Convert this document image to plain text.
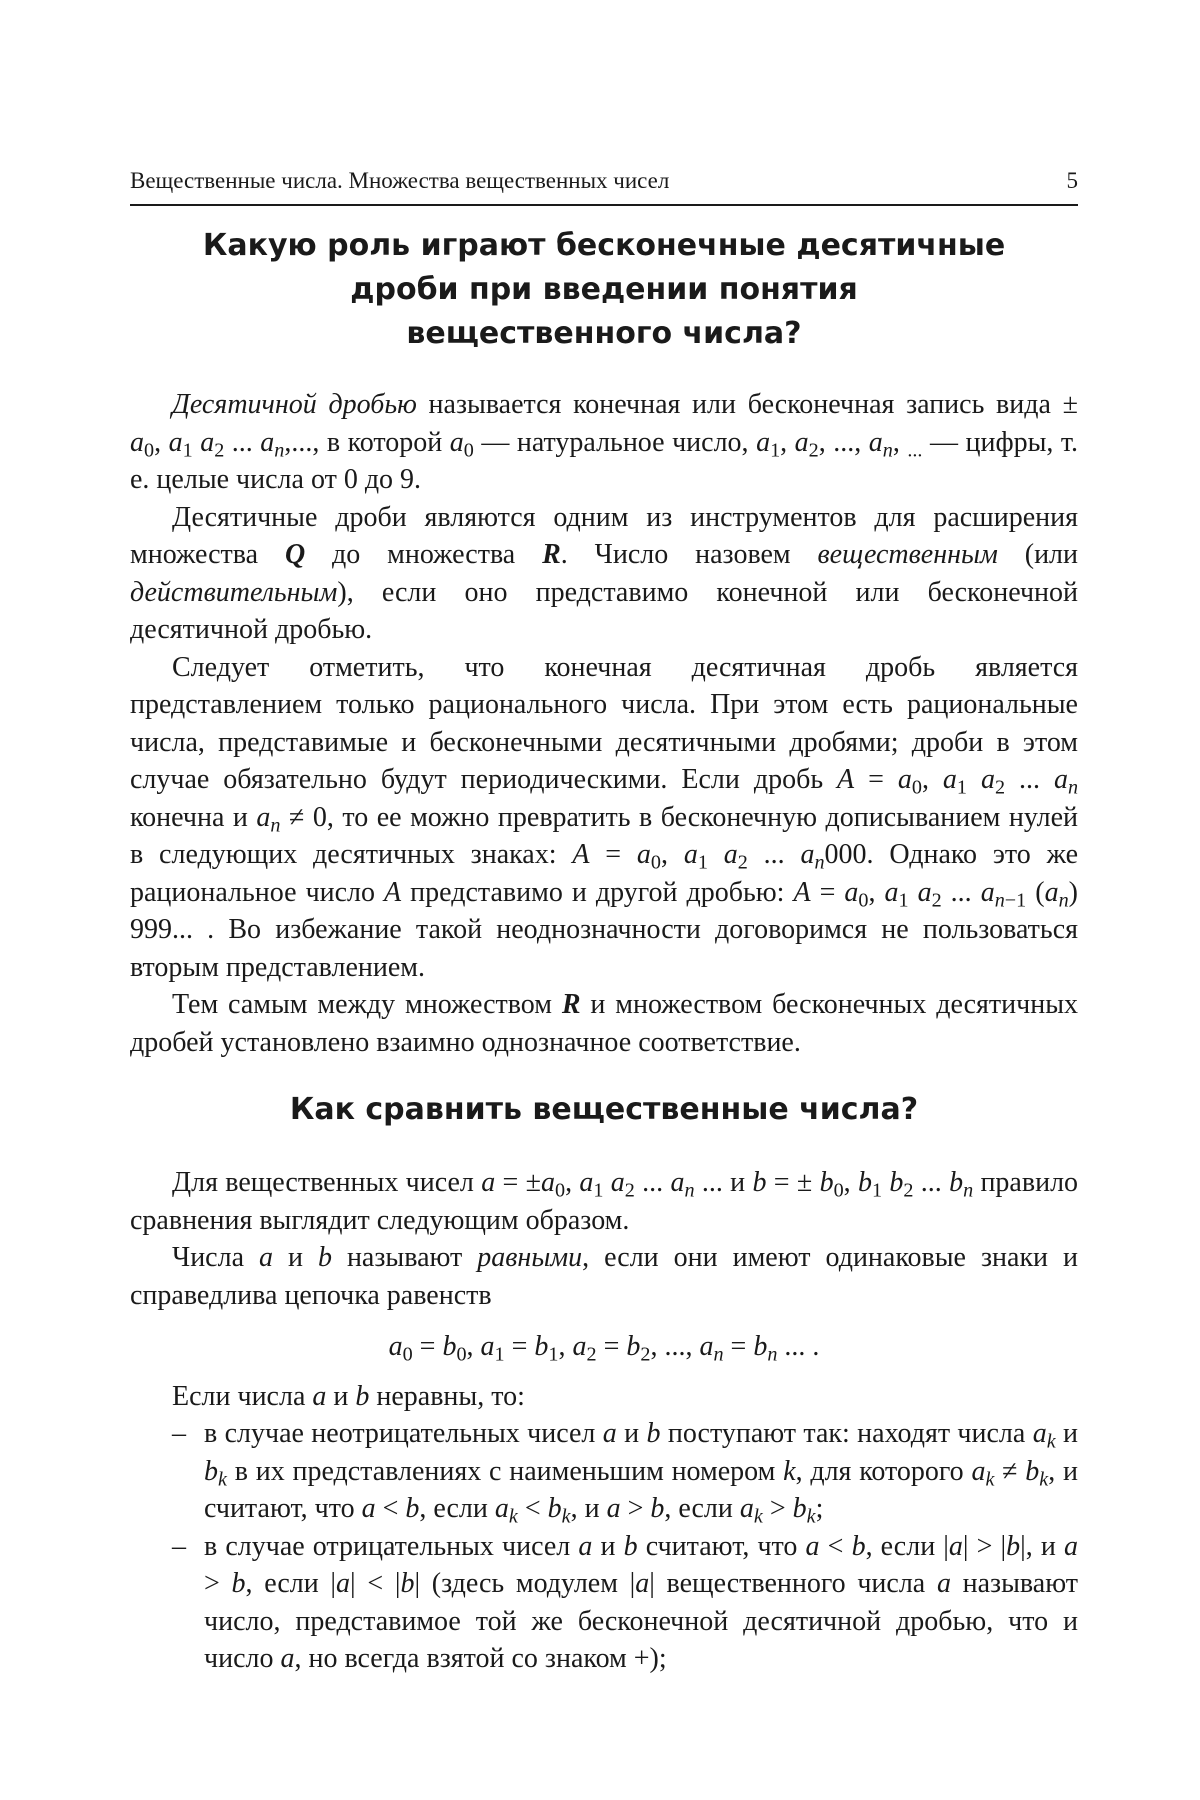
Вещественные числа. Множества вещественных чисел	5
Какую роль играют бесконечные десятичные
дроби при введении понятия
вещественного числа?

Десятичной дробью называется конечная или бесконечная запись вида ± $a_0$, $a_1$ $a_2$ ... $a_n$,..., в которой $a_0$ — натуральное число, $a_1$, $a_2$, ..., $a_n$, $_{...}$ — цифры, т. е. целые числа от 0 до 9.

Десятичные дроби являются одним из инструментов для расширения множества Q до множества R. Число назовем вещественным (или действительным), если оно представимо конечной или бесконечной десятичной дробью.

Следует отметить, что конечная десятичная дробь является представлением только рационального числа. При этом есть рациональные числа, представимые и бесконечными десятичными дробями; дроби в этом случае обязательно будут периодическими. Если дробь $A = a_0$, $a_1$ $a_2$ ... $a_n$ конечна и $a_n \ne 0$, то ее можно превратить в бесконечную дописыванием нулей в следующих десятичных знаках: $A = a_0$, $a_1$ $a_2$ ... $a_n000$. Однако это же рациональное число A представимо и другой дробью: $A = a_0$, $a_1$ $a_2$ ... $a_{n-1}$ $(a_n)$ 999... . Во избежание такой неоднозначности договоримся не пользоваться вторым представлением.

Тем самым между множеством R и множеством бесконечных десятичных дробей установлено взаимно однозначное соответствие.

Как сравнить вещественные числа?

Для вещественных чисел $a = \pm a_0$, $a_1$ $a_2$ ... $a_n$ ... и b = ± $b_0$, $b_1$ $b_2$ ... $b_n$ правило сравнения выглядит следующим образом.

Числа a и b называют равными, если они имеют одинаковые знаки и справедлива цепочка равенств

$a_0 = b_0$, $a_1 = b_1$, $a_2 = b_2$, ..., $a_n = b_n$ ... .

Если числа a и b неравны, то:

– в случае неотрицательных чисел a и b поступают так: находят числа $a_k$ и $b_k$ в их представлениях с наименьшим номером k, для которого $a_k \ne b_k$, и считают, что a < b, если $a_k < b_k$, и a > b, если $a_k > b_k$;
– в случае отрицательных чисел a и b считают, что a < b, если |a| > |b|, и a > b, если |a| < |b| (здесь модулем |a| вещественного числа a называют число, представимое той же бесконечной десятичной дробью, что и число a, но всегда взятой со знаком +);
